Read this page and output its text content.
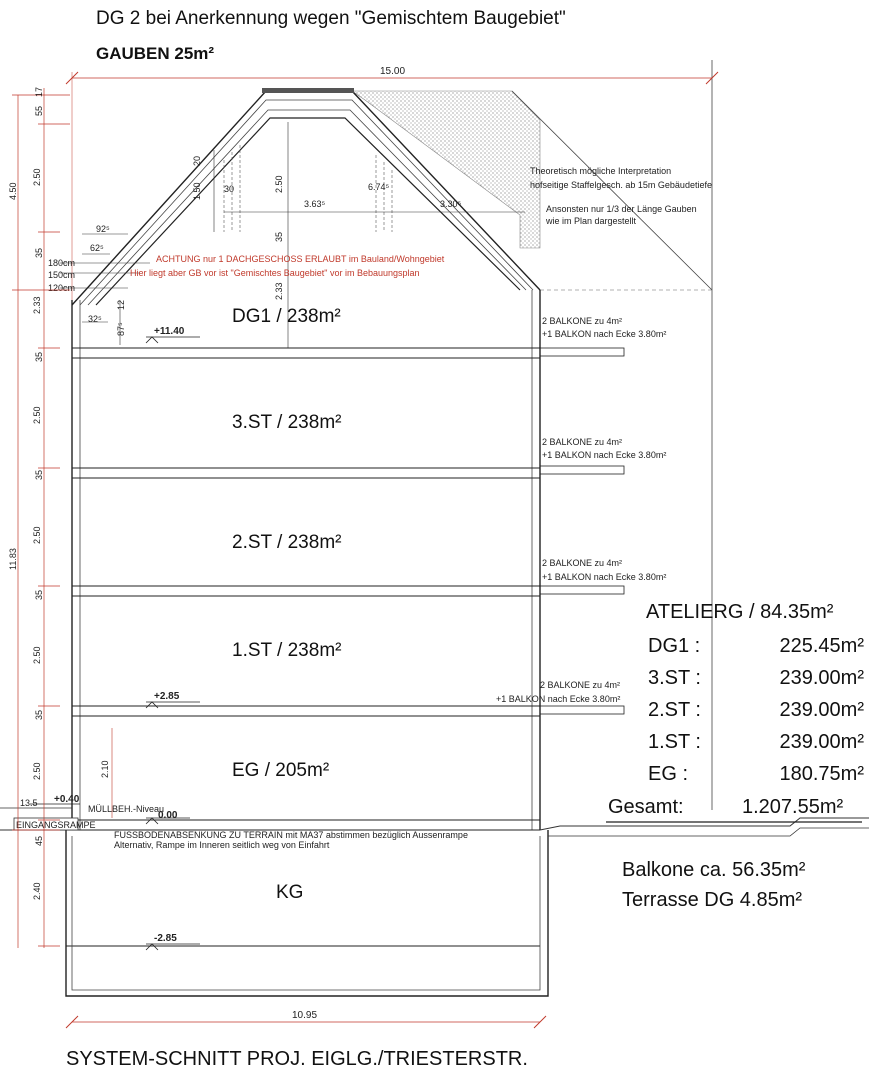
DG 2 bei Anerkennung wegen "Gemischtem Baugebiet"
GAUBEN 25m²
15.00
1.50
20
30	2.50
3.63⁵
6.74⁵
3.30⁵
35
2.33
92⁵
62⁵
32⁵
87⁵
12
180cm
150cm
120cm
ACHTUNG nur 1 DACHGESCHOSS ERLAUBT im Bauland/Wohngebiet
Hier liegt aber GB vor ist "Gemischtes Baugebiet" vor im Bebauungsplan
Theoretisch mögliche Interpretation
hofseitige Staffelgesch. ab 15m Gebäudetiefe
Ansonsten nur 1/3 der Länge Gauben
wie im Plan dargestellt
2 BALKONE zu 4m²
+1 BALKON nach Ecke 3.80m²
2 BALKONE zu 4m²
+1 BALKON nach Ecke 3.80m²
2 BALKONE zu 4m²
+1 BALKON nach Ecke 3.80m²
2 BALKONE zu 4m²
+1 BALKON nach Ecke 3.80m²
EINGANGSRAMPE
2.10
MÜLLBEH.-Niveau
FUSSBODENABSENKUNG ZU TERRAIN mit MA37 abstimmen bezüglich Aussenrampe
Alternativ, Rampe im Inneren seitlich weg von Einfahrt
+11.40
+2.85
+0.40
0.00
-2.85
DG1 / 238m²
3.ST / 238m²
2.ST / 238m²
1.ST / 238m²
EG / 205m²
KG
4.50
11.83
55
17
2.50
35
2.33
35
2.50
35
2.50
35
2.50
35
2.50
45
2.40
13.5
10.95
ATELIERG / 84.35m²
DG1 :	225.45m²
3.ST :	239.00m²
2.ST :	239.00m²
1.ST :	239.00m²
EG :	180.75m²
Gesamt:	1.207.55m²
Balkone ca. 56.35m²
Terrasse DG 4.85m²
SYSTEM-SCHNITT PROJ. EIGLG./TRIESTERSTR.
